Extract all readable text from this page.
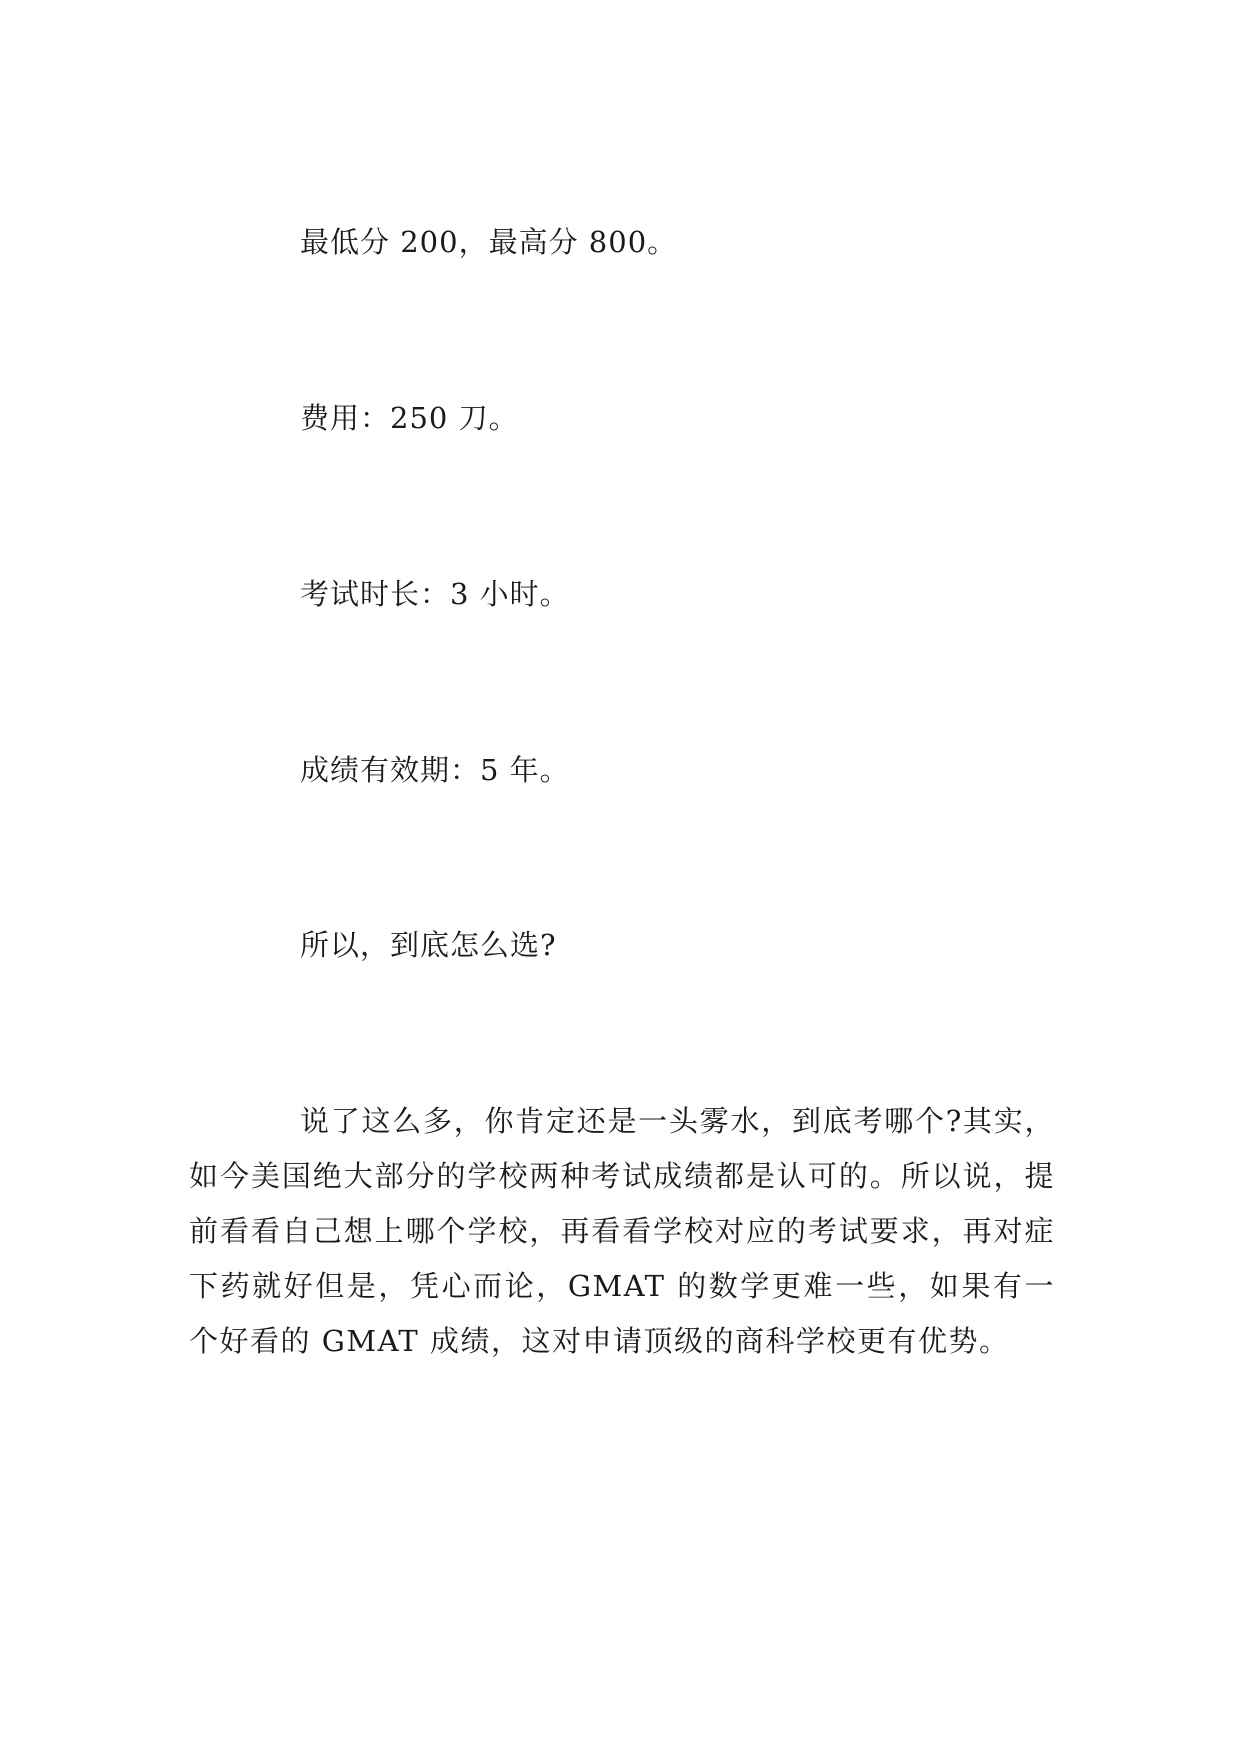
最低分 200，最高分 800。
费用：250 刀。
考试时长：3 小时。
成绩有效期：5 年。
所以，到底怎么选?
说了这么多，你肯定还是一头雾水，到底考哪个?其实，如今美国绝大部分的学校两种考试成绩都是认可的。所以说，提前看看自己想上哪个学校，再看看学校对应的考试要求，再对症下药就好但是，凭心而论，GMAT 的数学更难一些，如果有一个好看的 GMAT 成绩，这对申请顶级的商科学校更有优势。
